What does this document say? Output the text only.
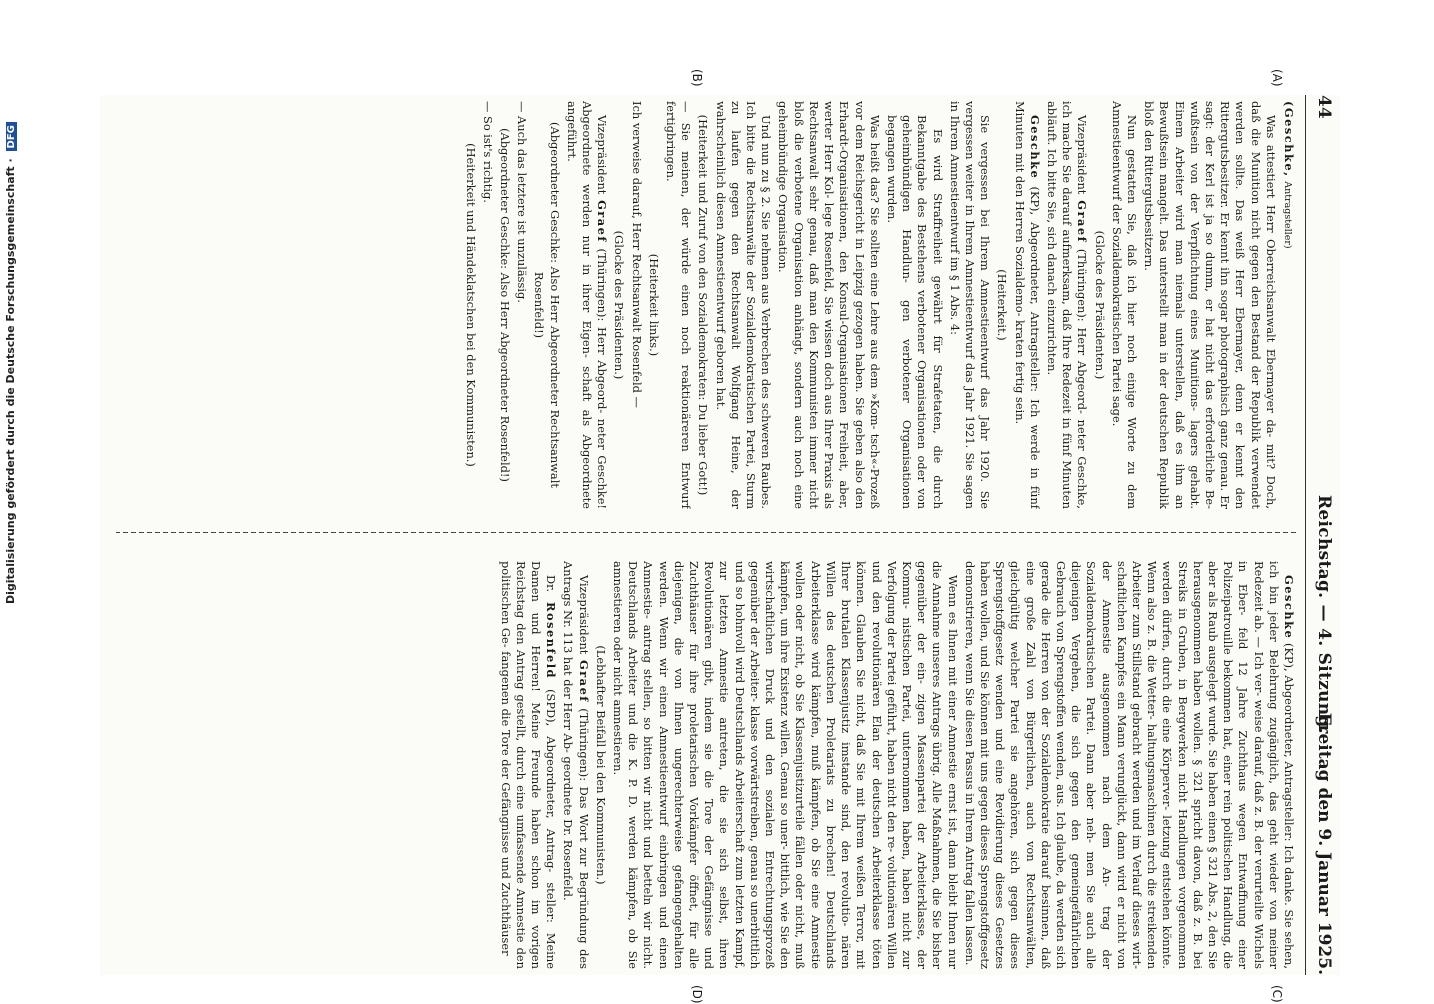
44
Reichstag. — 4. Sitzung.
Freitag den 9. Januar 1925.
(A)
(B)
(C)
(D)

(Geschke, Antragsteller)

Was attestiert Herr Oberreichsanwalt Ebermayer da- mit? Doch, daß die Munition nicht gegen den Bestand der Republik verwendet werden sollte. Das weiß Herr Ebermayer, denn er kennt den Rittergutsbesitzer. Er kennt ihn sogar photographisch ganz genau. Er sagt: der Kerl ist ja so dumm, er hat nicht das erforderliche Be- wußtsein von der Verpflichtung eines Munitions- lagers gehabt. Einem Arbeiter wird man niemals unterstellen, daß es ihm an Bewußtsein mangelt. Das unterstellt man in der deutschen Republik bloß den Rittergutsbesitzern.

Nun gestatten Sie, daß ich hier noch einige Worte zu dem Amnestieentwurf der Sozialdemokratischen Partei sage.

(Glocke des Präsidenten.)

Vizepräsident Graef (Thüringen): Herr Abgeord- neter Geschke, ich mache Sie darauf aufmerksam, daß Ihre Redezeit in fünf Minuten abläuft. Ich bitte Sie, sich danach einzurichten.

Geschke (KP), Abgeordneter, Antragsteller: Ich werde in fünf Minuten mit den Herren Sozialdemo- kraten fertig sein.

(Heiterkeit.)

Sie vergessen bei Ihrem Amnestieentwurf das Jahr 1920. Sie vergessen weiter in Ihrem Amnestieentwurf das Jahr 1921. Sie sagen in Ihrem Amnestieentwurf im § 1 Abs. 4:

Es wird Straffreiheit gewährt für Strafetaten, die durch Bekanntgabe des Bestehens verbotener Organisationen oder von geheimbündigen Handlun- gen verbotener Organisationen begangen wurden.

Was heißt das? Sie sollten eine Lehre aus dem »Kom- tsch«-Prozeß vor dem Reichsgericht in Leipzig gezogen haben. Sie geben also den Erhardt-Organisationen, den Konsul-Organisationen Freiheit, aber, werter Herr Kol- lege Rosenfeld, Sie wissen doch aus Ihrer Praxis als Rechtsanwalt sehr genau, daß man den Kommunisten immer nicht bloß die verbotene Organisation anhängt, sondern auch noch eine geheimbündige Organisation.

Und nun zu § 2. Sie nehmen aus Verbrechen des schweren Raubes. Ich bitte die Rechtsanwälte der Sozialdemokratischen Partei, Sturm zu laufen gegen den Rechtsanwalt Wolfgang Heine, der wahrscheinlich diesen Amnestieentwurf geboren hat.

(Heiterkeit und Zuruf von den Sozialdemokraten: Du lieber Gott!)

— Sie meinen, der würde einen noch reaktionäreren Entwurf fertigbringen.

(Heiterkeit links.)

Ich verweise darauf, Herr Rechtsanwalt Rosenfeld —

(Glocke des Präsidenten.)

Vizepräsident Graef (Thüringen): Herr Abgeord- neter Geschke! Abgeordnete werden nur in ihrer Eigen- schaft als Abgeordnete angeführt.

(Abgeordneter Geschke: Also Herr Abgeordneter Rechtsanwalt Rosenfeld!)

— Auch das letztere ist unzulässig.

(Abgeordneter Geschke: Also Herr Abgeordneter Rosenfeld!)

— So ist's richtig.

(Heiterkeit und Händeklatschen bei den Kommunisten.)

Geschke (KP), Abgeordneter, Antragsteller: Ich danke. Sie sehen, ich bin jeder Belehrung zugänglich, das geht wieder von meiner Redezeit ab. — Ich ver- weise darauf, daß z. B. der verurteilte Wichels in Eber- feld 12 Jahre Zuchthaus wegen Entwaffnung einer Polizeipatrouille bekommen hat, einer rein politischen Handlung, die aber als Raub ausgelegt wurde. Sie haben einen § 321 Abs. 2, den Sie herausgenommen haben wollen. § 321 spricht davon, daß z. B. bei Streiks in Gruben, in Bergwerken nicht Handlungen vorgenommen werden dürfen, durch die eine Körperver- letzung entstehen könnte. Wenn also z. B. die Wetter- haltungsmaschinen durch die streikenden Arbeiter zum Stillstand gebracht werden und im Verlauf dieses wirt- schaftlichen Kampfes ein Mann verunglückt, dann wird er nicht von der Amnestie ausgenommen nach dem An- trag der Sozialdemokratischen Partei. Dann aber neh- men Sie auch alle diejenigen Vergehen, die sich gegen den gemeingefährlichen Gebrauch von Sprengstoffen wenden, aus. Ich glaube, da werden sich gerade die Herren von der Sozialdemokratie darauf besinnen, daß eine große Zahl von Bürgerlichen, auch von Rechtsanwälten, gleichgültig welcher Partei sie angehören, sich gegen dieses Sprengstoffgesetz wenden und eine Revidierung dieses Gesetzes haben wollen, und Sie können mit uns gegen dieses Sprengstoffgesetz demonstrieren, wenn Sie diesen Passus in Ihrem Antrag fallen lassen.

Wenn es Ihnen mit einer Amnestie ernst ist, dann bleibt Ihnen nur die Annahme unseres Antrags übrig. Alle Maßnahmen, die Sie bisher gegenüber der ein- zigen Massenpartei der Arbeiterklasse, der Kommu- nistischen Partei, unternommen haben, haben nicht zur Verfolgung der Partei geführt, haben nicht den re- volutionären Willen und den revolutionären Elan der deutschen Arbeiterklasse töten können. Glauben Sie nicht, daß Sie mit Ihrem weißen Terror, mit Ihrer brutalen Klassenjustiz imstande sind, den revolutio- nären Willen des deutschen Proletariats zu brechen! Deutschlands Arbeiterklasse wird kämpfen, muß kämpfen, ob Sie eine Amnestie wollen oder nicht, ob Sie Klassenjustizurteile fällen oder nicht, muß kämpfen, um ihre Existenz willen. Genau so uner- bittlich, wie Sie den wirtschaftlichen Druck und den sozialen Entrechtungsprozeß gegenüber der Arbeiter- klasse vorwärtstreiben, genau so unerbittlich und so hohnvoll wird Deutschlands Arbeiterschaft zum letzten Kampf, zur letzten Amnestie antreten, die sie sich selbst, ihren Revolutionären gibt, indem sie die Tore der Gefängnisse und Zuchthäuser für ihre proletarischen Vorkämpfer öffnet, für alle diejenigen, die von Ihnen ungerechterweise gefangengehalten werden. Wenn wir einen Amnestieentwurf einbringen und einen Amnestie- antrag stellen, so bitten wir nicht und betteln wir nicht. Deutschlands Arbeiter und die K. P. D. werden kämpfen, ob Sie amnestieren oder nicht amnestieren.

(Lebhafter Beifall bei den Kommunisten.)

Vizepräsident Graef (Thüringen): Das Wort zur Begründung des Antrags Nr. 113 hat der Herr Ab- geordnete Dr. Rosenfeld.

Dr. Rosenfeld (SPD), Abgeordneter, Antrag- steller: Meine Damen und Herren! Meine Freunde haben schon im vorigen Reichstag den Antrag gestellt, durch eine umfassende Amnestie den politischen Ge- fangenen die Tore der Gefängnisse und Zuchthäuser

Digitalisierung gefördert durch die Deutsche Forschungsgemeinschaft · DFG
